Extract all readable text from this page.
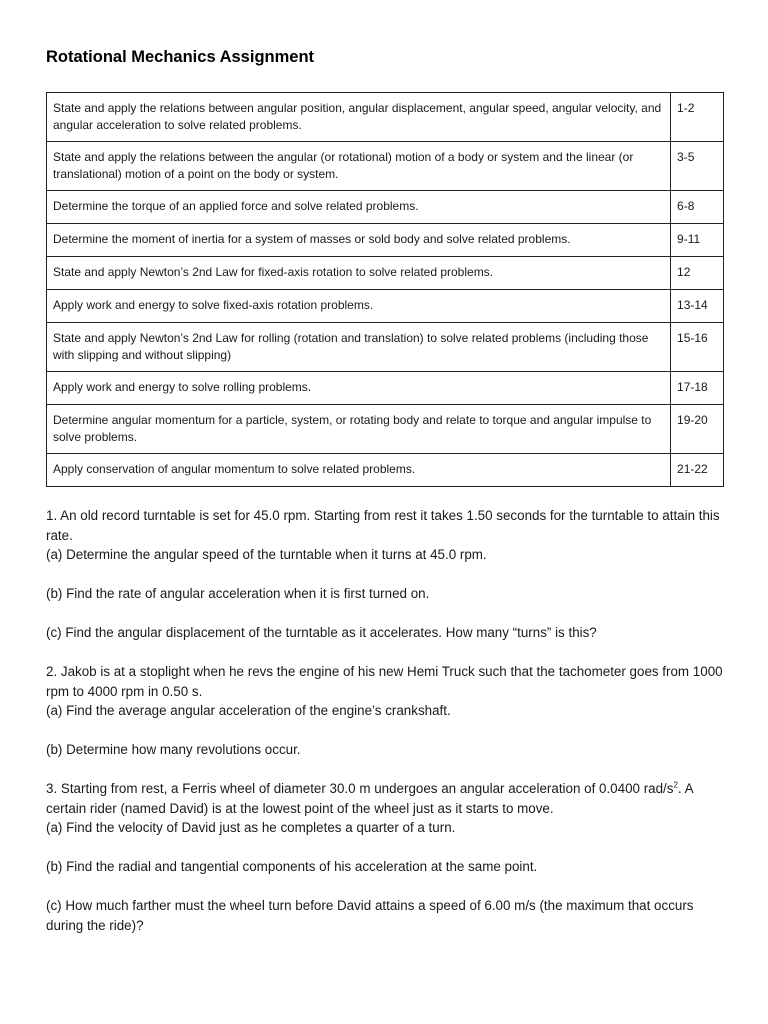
Rotational Mechanics Assignment
State and apply the relations between angular position, angular displacement, angular speed, angular velocity, and angular acceleration to solve related problems.	1-2
State and apply the relations between the angular (or rotational) motion of a body or system and the linear (or translational) motion of a point on the body or system.	3-5
Determine the torque of an applied force and solve related problems.	6-8
Determine the moment of inertia for a system of masses or sold body and solve related problems.	9-11
State and apply Newton’s 2nd Law for fixed-axis rotation to solve related problems.	12
Apply work and energy to solve fixed-axis rotation problems.	13-14
State and apply Newton’s 2nd Law for rolling (rotation and translation) to solve related problems (including those with slipping and without slipping)	15-16
Apply work and energy to solve rolling problems.	17-18
Determine angular momentum for a particle, system, or rotating body and relate to torque and angular impulse to solve problems.	19-20
Apply conservation of angular momentum to solve related problems.	21-22

1. An old record turntable is set for 45.0 rpm. Starting from rest it takes 1.50 seconds for the turntable to attain this rate.

(a) Determine the angular speed of the turntable when it turns at 45.0 rpm.

(b) Find the rate of angular acceleration when it is first turned on.

(c) Find the angular displacement of the turntable as it accelerates. How many “turns” is this?

2. Jakob is at a stoplight when he revs the engine of his new Hemi Truck such that the tachometer goes from 1000 rpm to 4000 rpm in 0.50 s.

(a) Find the average angular acceleration of the engine’s crankshaft.

(b) Determine how many revolutions occur.

3. Starting from rest, a Ferris wheel of diameter 30.0 m undergoes an angular acceleration of 0.0400 rad/$s^2$. A certain rider (named David) is at the lowest point of the wheel just as it starts to move.

(a) Find the velocity of David just as he completes a quarter of a turn.

(b) Find the radial and tangential components of his acceleration at the same point.

(c) How much farther must the wheel turn before David attains a speed of 6.00 m/s (the maximum that occurs during the ride)?
